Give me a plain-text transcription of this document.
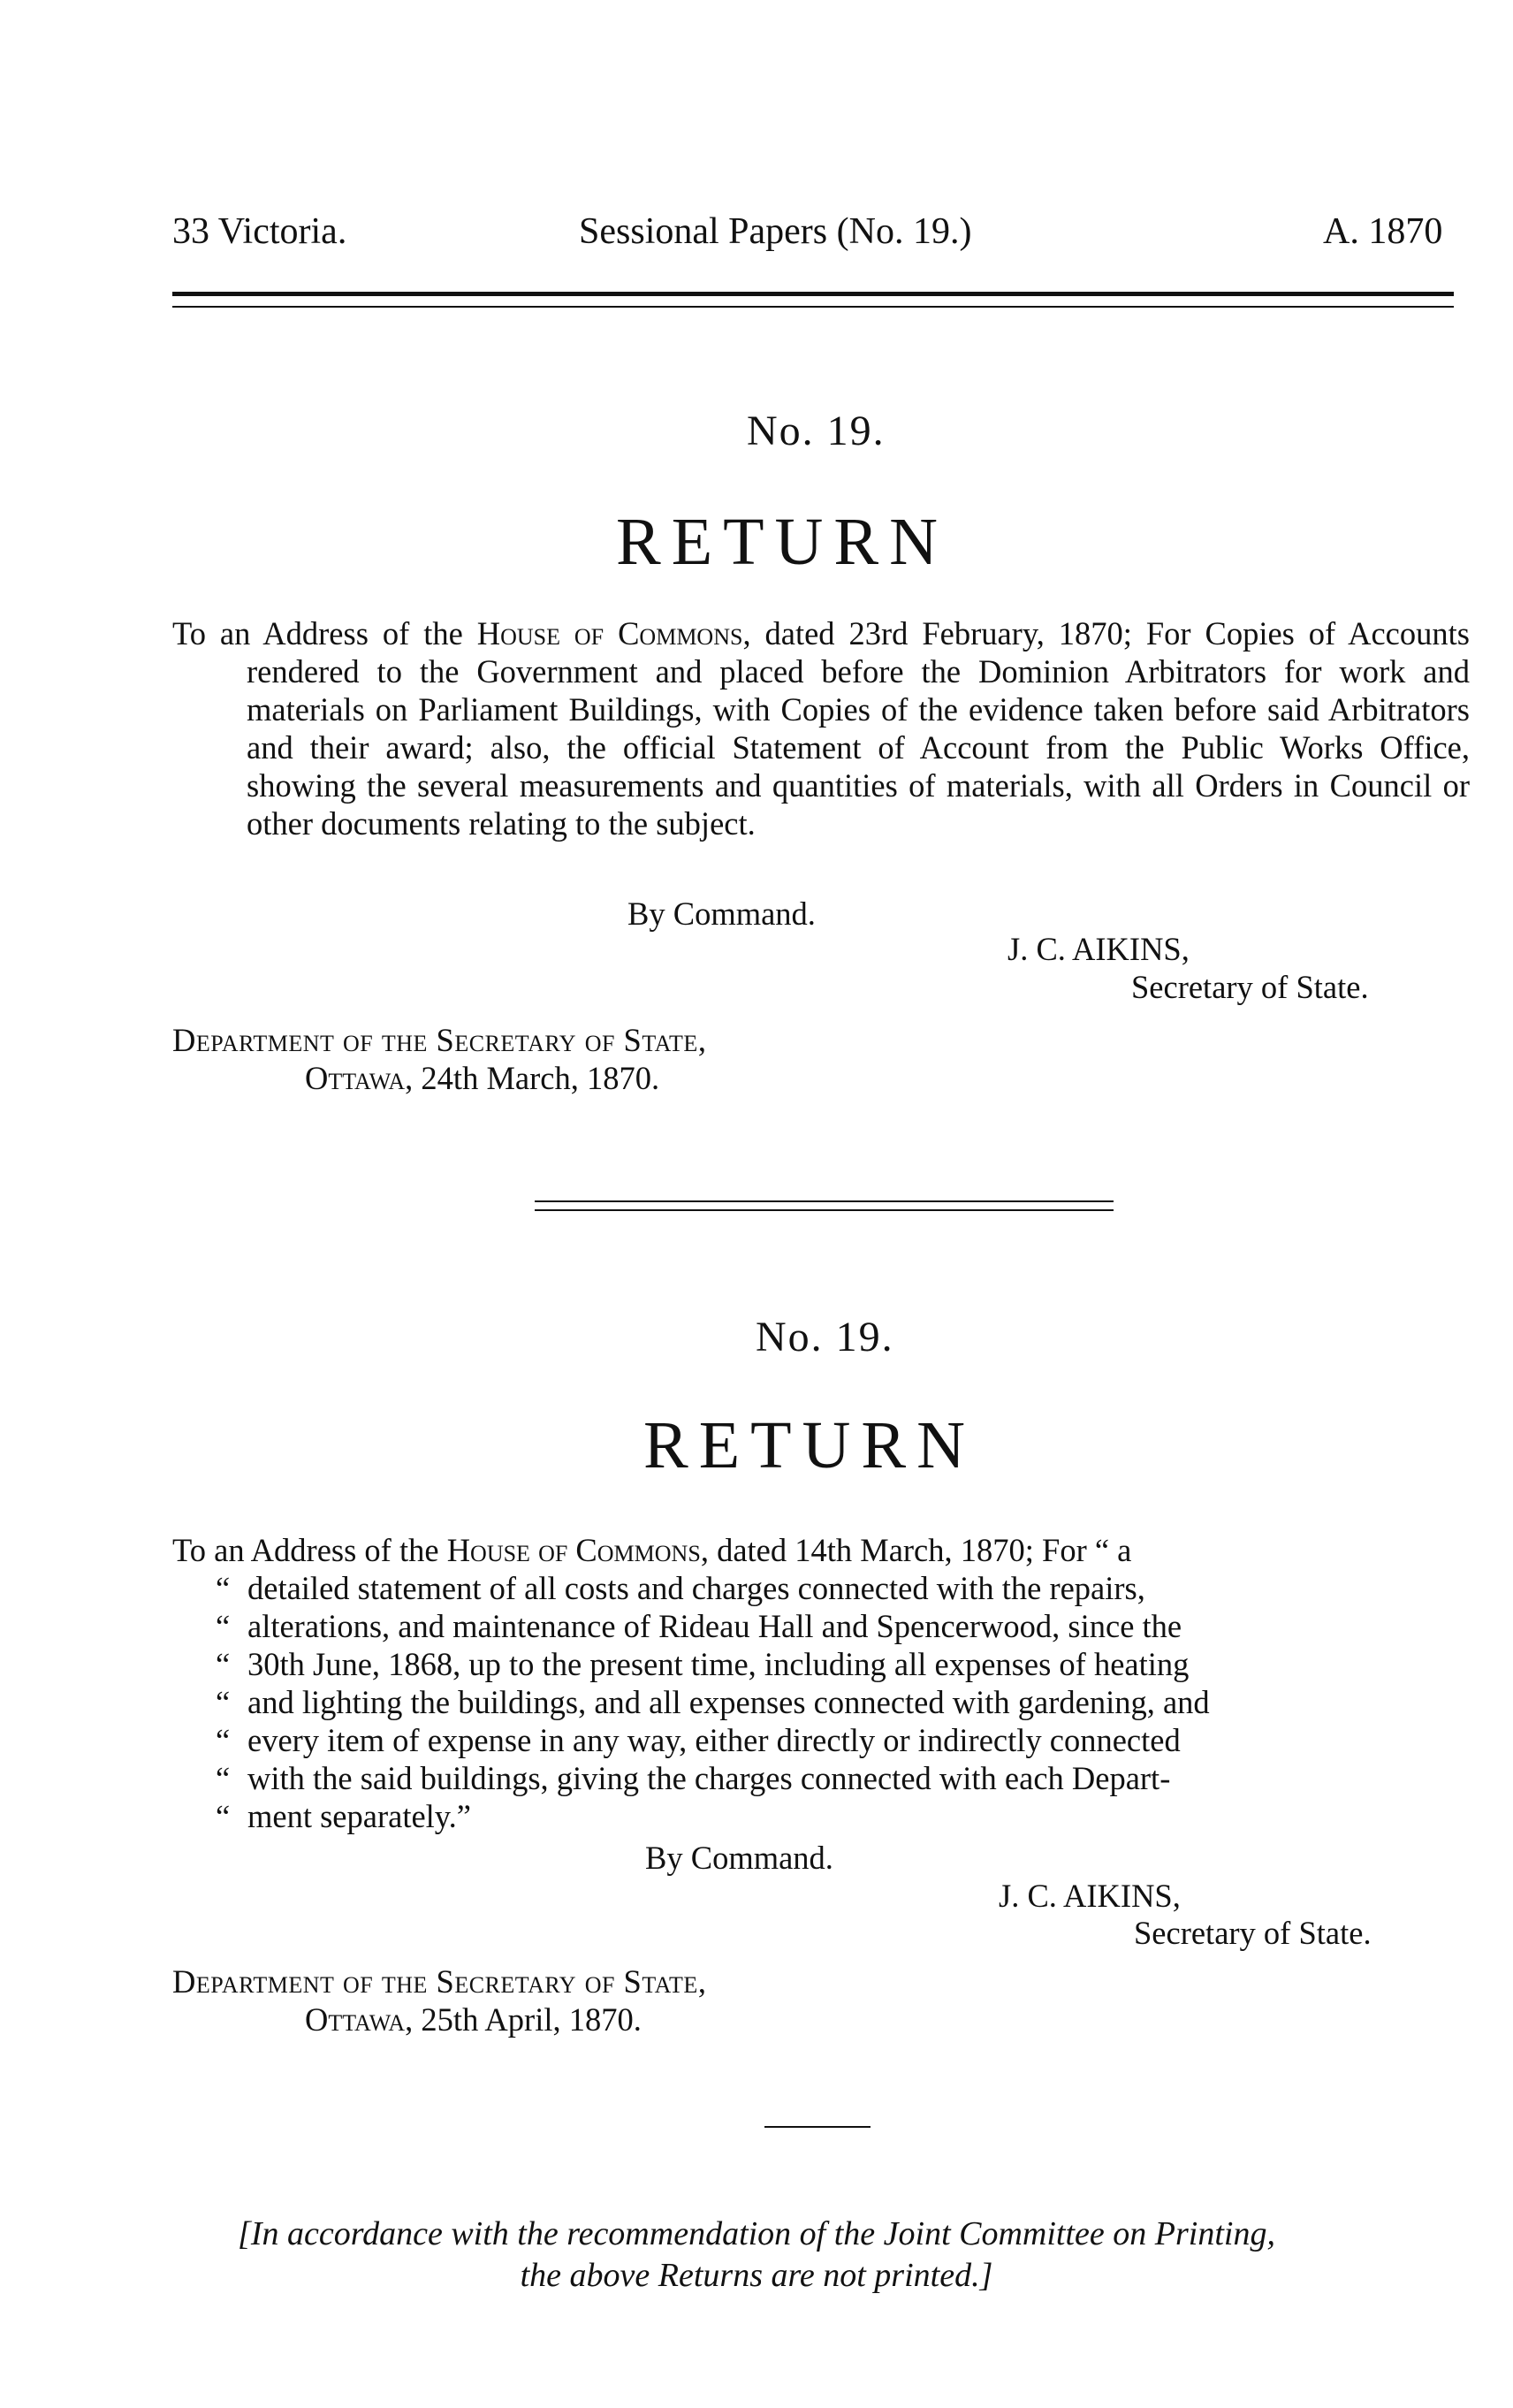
33 Victoria.	Sessional Papers (No. 19.)	A. 1870
No. 19.
RETURN
To an Address of the House of Commons, dated 23rd February, 1870; For Copies of Accounts rendered to the Government and placed before the Dominion Arbitrators for work and materials on Parliament Buildings, with Copies of the evidence taken before said Arbitrators and their award; also, the official Statement of Account from the Public Works Office, showing the several measurements and quantities of materials, with all Orders in Council or other documents relating to the subject.
By Command.
J. C. AIKINS,
Secretary of State.
Department of the Secretary of State,
Ottawa, 24th March, 1870.
No. 19.
RETURN
To an Address of the House of Commons, dated 14th March, 1870; For “ a
“ detailed statement of all costs and charges connected with the repairs,
“ alterations, and maintenance of Rideau Hall and Spencerwood, since the
“ 30th June, 1868, up to the present time, including all expenses of heating
“ and lighting the buildings, and all expenses connected with gardening, and
“ every item of expense in any way, either directly or indirectly connected
“ with the said buildings, giving the charges connected with each Depart-
“ ment separately.”
By Command.
J. C. AIKINS,
Secretary of State.
Department of the Secretary of State,
Ottawa, 25th April, 1870.
[In accordance with the recommendation of the Joint Committee on Printing,
the above Returns are not printed.]
